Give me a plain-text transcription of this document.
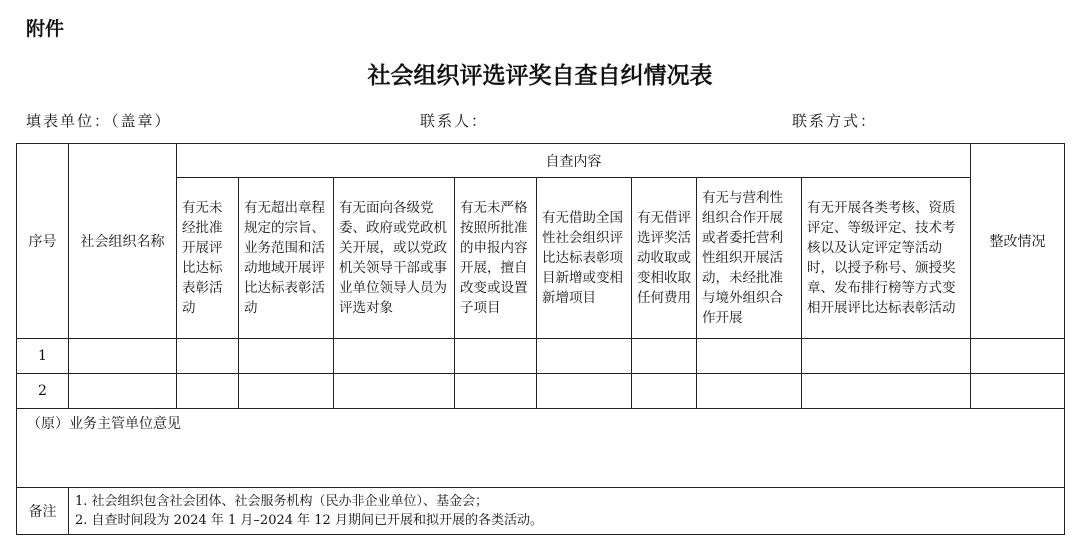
附件
社会组织评选评奖自查自纠情况表
填表单位：（盖章）	联系人：	联系方式：
序号	社会组织名称	自查内容								整改情况
		有无未经批准开展评比达标表彰活动	有无超出章程规定的宗旨、业务范围和活动地域开展评比达标表彰活动	有无面向各级党委、政府或党政机关开展，或以党政机关领导干部或事业单位领导人员为评选对象	有无未严格按照所批准的申报内容开展，擅自改变或设置子项目	有无借助全国性社会组织评比达标表彰项目新增或变相新增项目	有无借评选评奖活动收取或变相收取任何费用	有无与营利性组织合作开展或者委托营利性组织开展活动，未经批准与境外组织合作开展	有无开展各类考核、资质评定、等级评定、技术考核以及认定评定等活动时，以授予称号、颁授奖章、发布排行榜等方式变相开展评比达标表彰活动	
1										
2										
（原）业务主管单位意见										
备注	1. 社会组织包含社会团体、社会服务机构（民办非企业单位）、基金会；
2. 自查时间段为 2024 年 1 月–2024 年 12 月期间已开展和拟开展的各类活动。									
